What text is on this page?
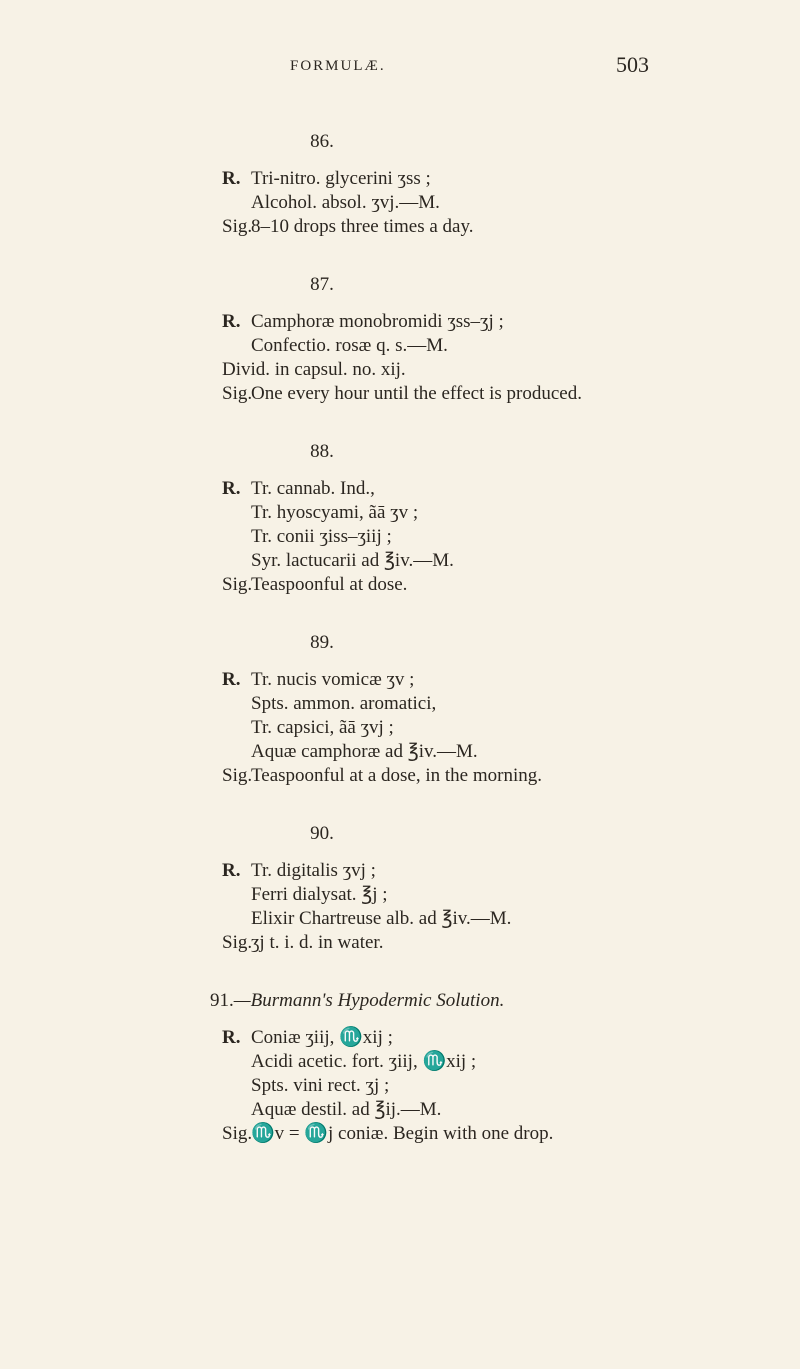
FORMULÆ.	503
86.
R. Tri-nitro. glycerini ʒss ;
Alcohol. absol. ʒvj.—M.
Sig.8–10 drops three times a day.
87.
R. Camphoræ monobromidi ʒss–ʒj ;
Confectio. rosæ q. s.—M.
Divid. in capsul. no. xij.
Sig.One every hour until the effect is produced.
88.
R. Tr. cannab. Ind.,
Tr. hyoscyami, ãā ʒv ;
Tr. conii ʒiss–ʒiij ;
Syr. lactucarii ad ℥iv.—M.
Sig.Teaspoonful at dose.
89.
R. Tr. nucis vomicæ ʒv ;
Spts. ammon. aromatici,
Tr. capsici, ãā ʒvj ;
Aquæ camphoræ ad ℥iv.—M.
Sig.Teaspoonful at a dose, in the morning.
90.
R. Tr. digitalis ʒvj ;
Ferri dialysat. ℥j ;
Elixir Chartreuse alb. ad ℥iv.—M.
Sig.ʒj t. i. d. in water.
91.—Burmann's Hypodermic Solution.
R. Coniæ ʒiij, ♏xij ;
Acidi acetic. fort. ʒiij, ♏xij ;
Spts. vini rect. ʒj ;
Aquæ destil. ad ℥ij.—M.
Sig.♏v = ♏j coniæ. Begin with one drop.
